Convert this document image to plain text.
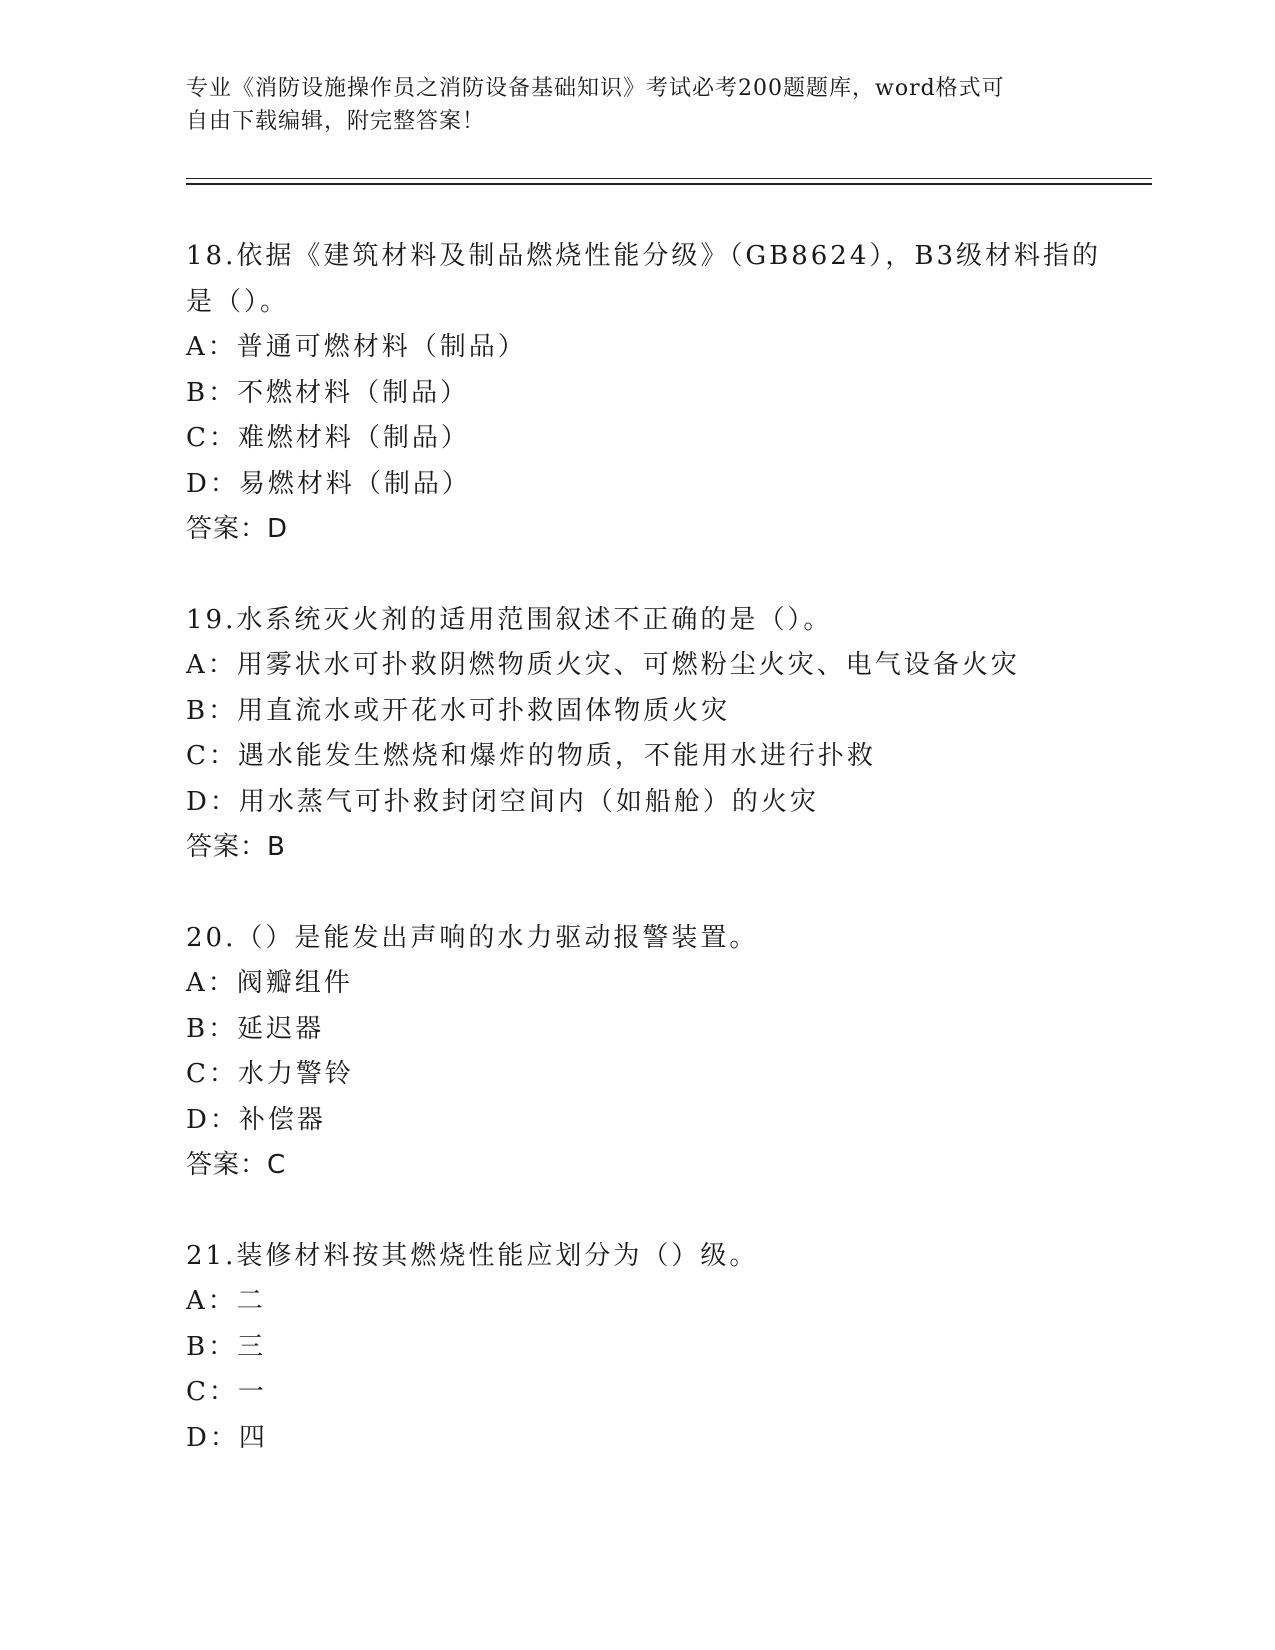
专业《消防设施操作员之消防设备基础知识》考试必考200题题库，word格式可
自由下载编辑，附完整答案！
18.依据《建筑材料及制品燃烧性能分级》（GB8624），B3级材料指的
是（）。
A：普通可燃材料（制品）
B：不燃材料（制品）
C：难燃材料（制品）
D：易燃材料（制品）
答案：D
19.水系统灭火剂的适用范围叙述不正确的是（）。
A：用雾状水可扑救阴燃物质火灾、可燃粉尘火灾、电气设备火灾
B：用直流水或开花水可扑救固体物质火灾
C：遇水能发生燃烧和爆炸的物质，不能用水进行扑救
D：用水蒸气可扑救封闭空间内（如船舱）的火灾
答案：B
20.（）是能发出声响的水力驱动报警装置。
A：阀瓣组件
B：延迟器
C：水力警铃
D：补偿器
答案：C
21.装修材料按其燃烧性能应划分为（）级。
A：二
B：三
C：一
D：四
